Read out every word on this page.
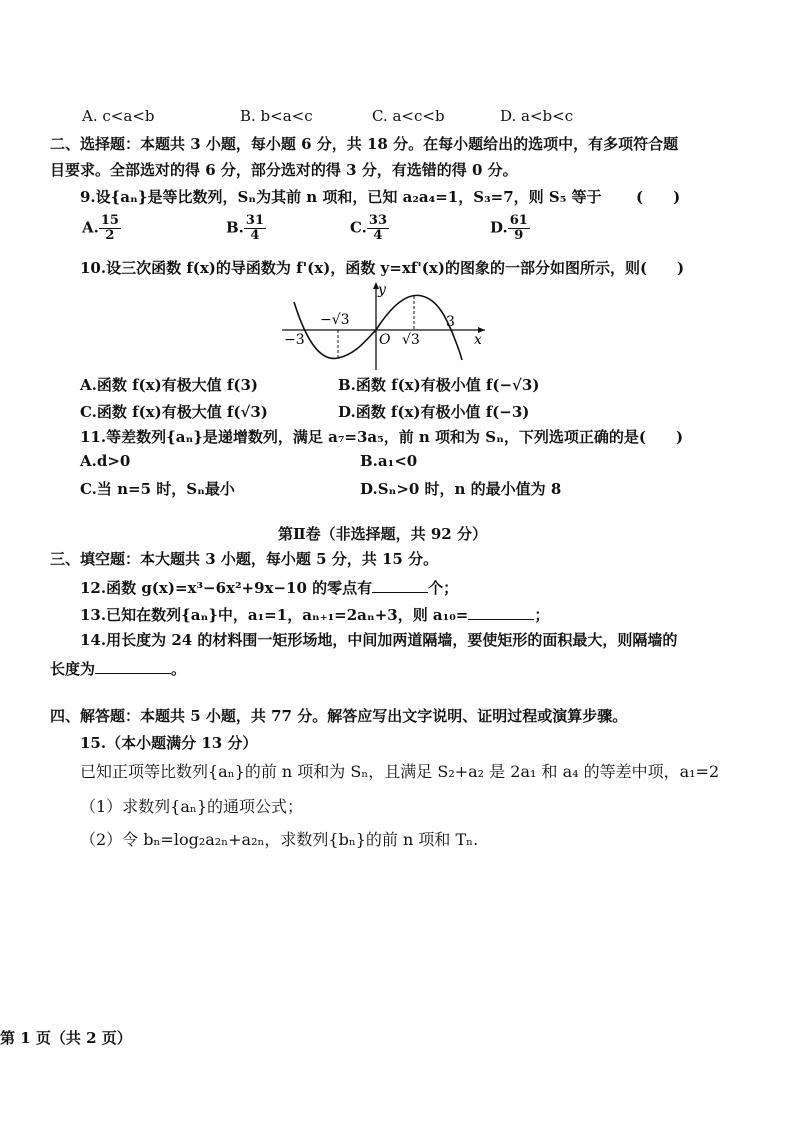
A. c<a<b	B. b<a<c	C. a<c<b	D. a<b<c
二、选择题：本题共 3 小题，每小题 6 分，共 18 分。在每小题给出的选项中，有多项符合题
目要求。全部选对的得 6 分，部分选对的得 3 分，有选错的得 0 分。
9.设{aₙ}是等比数列，Sₙ为其前 n 项和，已知 a₂a₄=1，S₃=7，则 S₅ 等于 (　　)
A. $\frac{15}{2}$	B. $\frac{31}{4}$	C. $\frac{33}{4}$	D. $\frac{61}{9}$
10.设三次函数 f(x)的导函数为 f'(x)，函数 y=xf'(x)的图象的一部分如图所示，则(　　)
y
x
O
−3
−√3
√3
3
A.函数 f(x)有极大值 f(3)	B.函数 f(x)有极小值 f(−√3)
C.函数 f(x)有极大值 f(√3)	D.函数 f(x)有极小值 f(−3)
11.等差数列{aₙ}是递增数列，满足 a₇=3a₅，前 n 项和为 Sₙ，下列选项正确的是(　　)
A.d>0	B.a₁<0
C.当 n=5 时，Sₙ最小	D.Sₙ>0 时，n 的最小值为 8
第Ⅱ卷（非选择题，共 92 分）
三、填空题：本大题共 3 小题，每小题 5 分，共 15 分。
12.函数 g(x)=x³−6x²+9x−10 的零点有	个；
13.已知在数列{aₙ}中，a₁=1，aₙ₊₁=2aₙ+3，则 a₁₀=	；
14.用长度为 24 的材料围一矩形场地，中间加两道隔墙，要使矩形的面积最大，则隔墙的
长度为	。
四、解答题：本题共 5 小题，共 77 分。解答应写出文字说明、证明过程或演算步骤。
15.（本小题满分 13 分）
已知正项等比数列{aₙ}的前 n 项和为 Sₙ，且满足 S₂+a₂ 是 2a₁ 和 a₄ 的等差中项，a₁=2
（1）求数列{aₙ}的通项公式；
（2）令 bₙ=log₂a₂ₙ+a₂ₙ，求数列{bₙ}的前 n 项和 Tₙ.
第 1 页（共 2 页）
